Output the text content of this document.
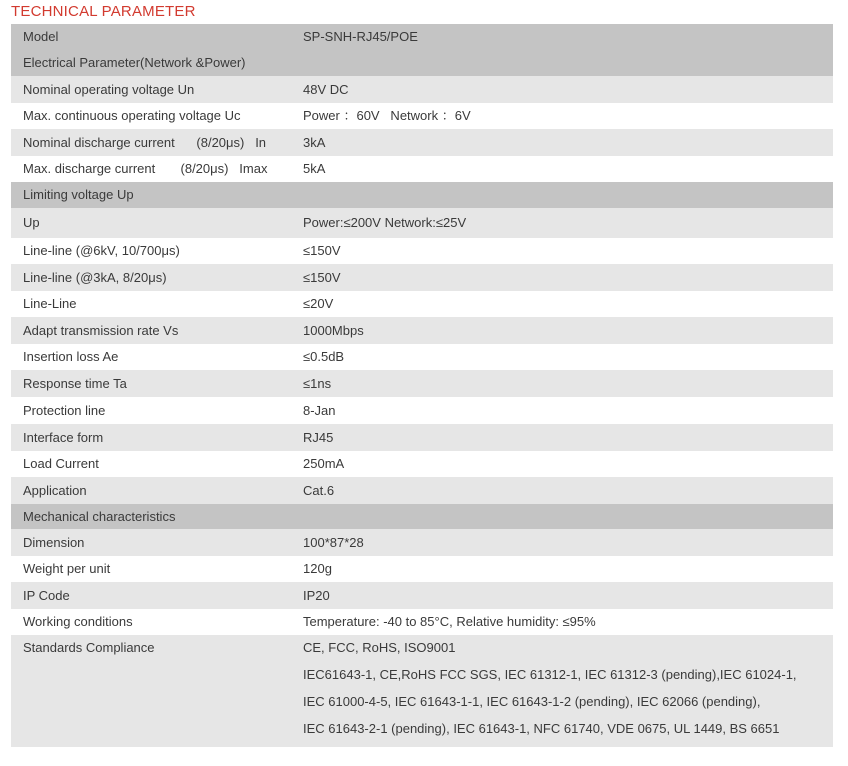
TECHNICAL PARAMETER
Model	SP-SNH-RJ45/POE
Electrical Parameter(Network &Power)
Nominal operating voltage Un	48V DC
Max. continuous operating voltage Uc	Power ：60V   Network ：6V
Nominal discharge current      (8/20μs)   In	3kA
Max. discharge current       (8/20μs)   Imax	5kA
Limiting voltage Up
Up	Power:≤200V Network:≤25V
Line-line (@6kV, 10/700μs)	≤150V
Line-line (@3kA, 8/20μs)	≤150V
Line-Line	≤20V
Adapt transmission rate Vs	1000Mbps
Insertion loss Ae	≤0.5dB
Response time Ta	≤1ns
Protection line	8-Jan
Interface form	RJ45
Load Current	250mA
Application	Cat.6
Mechanical characteristics
Dimension	100*87*28
Weight per unit	120g
IP Code	IP20
Working conditions	Temperature: -40 to 85°C, Relative humidity: ≤95%
Standards Compliance	CE, FCC, RoHS, ISO9001
IEC61643-1, CE,RoHS FCC SGS, IEC 61312-1, IEC 61312-3 (pending),IEC 61024-1,
IEC 61000-4-5, IEC 61643-1-1, IEC 61643-1-2 (pending), IEC 62066 (pending),
IEC 61643-2-1 (pending), IEC 61643-1, NFC 61740, VDE 0675, UL 1449, BS 6651
